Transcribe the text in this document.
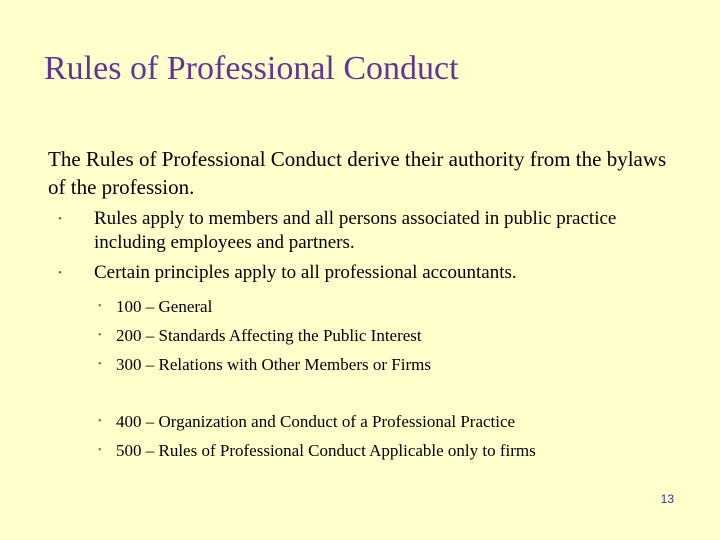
Rules of Professional Conduct
The Rules of Professional Conduct derive their authority from the bylaws of the profession.
• Rules apply to members and all persons associated in public practice including employees and partners.
• Certain principles apply to all professional accountants.
• 100 – General
• 200 – Standards Affecting the Public Interest
• 300 – Relations with Other Members or Firms
• 400 – Organization and Conduct of a Professional Practice
• 500 – Rules of Professional Conduct Applicable only to firms
13
